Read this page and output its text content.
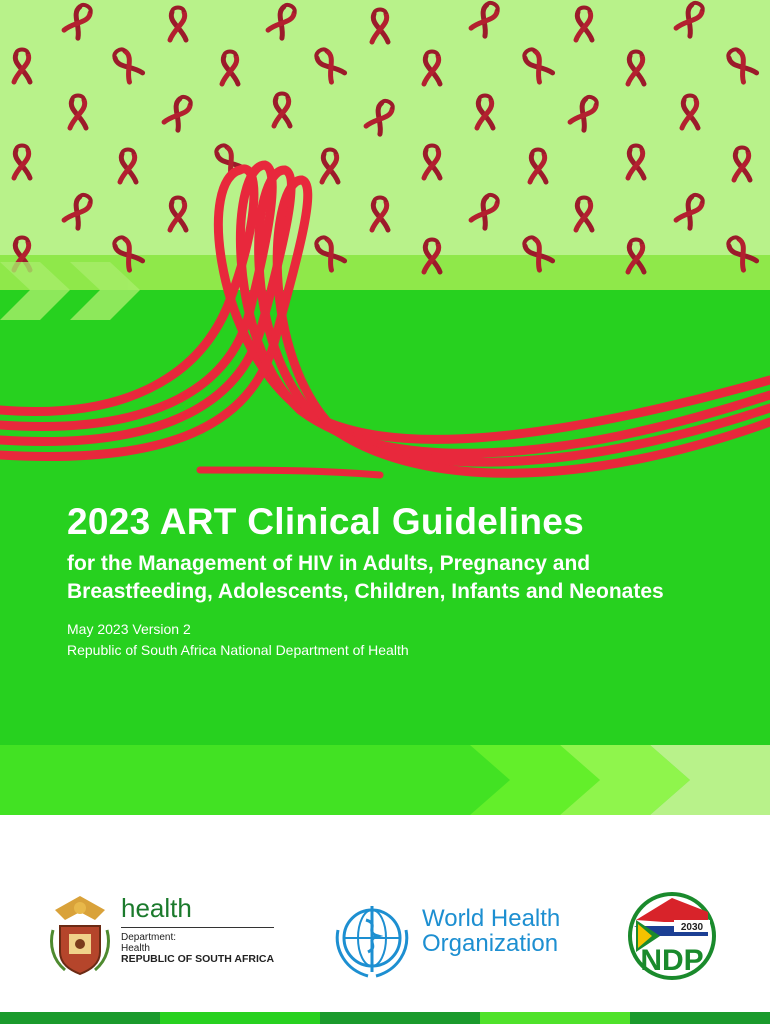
2023 ART Clinical Guidelines
for the Management of HIV in Adults, Pregnancy and Breastfeeding, Adolescents, Children, Infants and Neonates
May 2023 Version 2
Republic of South Africa National Department of Health
health
Department:
Health
REPUBLIC OF SOUTH AFRICA
World Health
Organization
2030
NDP
